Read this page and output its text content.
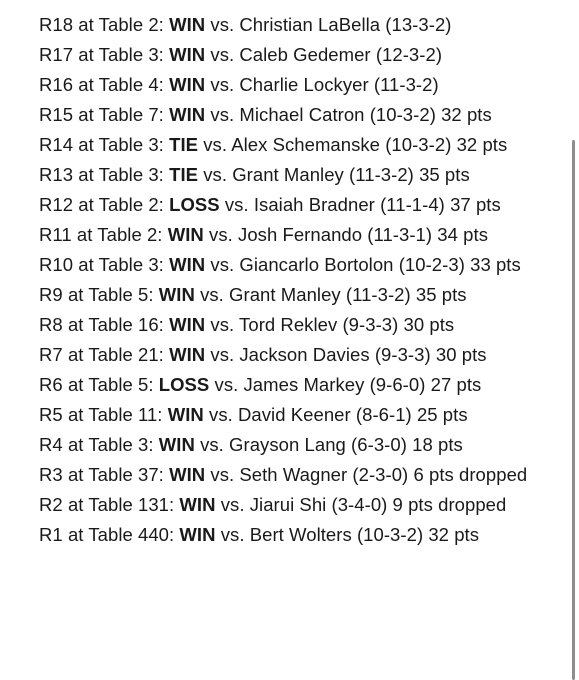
R18 at Table 2: WIN vs. Christian LaBella (13-3-2)
R17 at Table 3: WIN vs. Caleb Gedemer (12-3-2)
R16 at Table 4: WIN vs. Charlie Lockyer (11-3-2)
R15 at Table 7: WIN vs. Michael Catron (10-3-2) 32 pts
R14 at Table 3: TIE vs. Alex Schemanske (10-3-2) 32 pts
R13 at Table 3: TIE vs. Grant Manley (11-3-2) 35 pts
R12 at Table 2: LOSS vs. Isaiah Bradner (11-1-4) 37 pts
R11 at Table 2: WIN vs. Josh Fernando (11-3-1) 34 pts
R10 at Table 3: WIN vs. Giancarlo Bortolon (10-2-3) 33 pts
R9 at Table 5: WIN vs. Grant Manley (11-3-2) 35 pts
R8 at Table 16: WIN vs. Tord Reklev (9-3-3) 30 pts
R7 at Table 21: WIN vs. Jackson Davies (9-3-3) 30 pts
R6 at Table 5: LOSS vs. James Markey (9-6-0) 27 pts
R5 at Table 11: WIN vs. David Keener (8-6-1) 25 pts
R4 at Table 3: WIN vs. Grayson Lang (6-3-0) 18 pts
R3 at Table 37: WIN vs. Seth Wagner (2-3-0) 6 pts dropped
R2 at Table 131: WIN vs. Jiarui Shi (3-4-0) 9 pts dropped
R1 at Table 440: WIN vs. Bert Wolters (10-3-2) 32 pts
